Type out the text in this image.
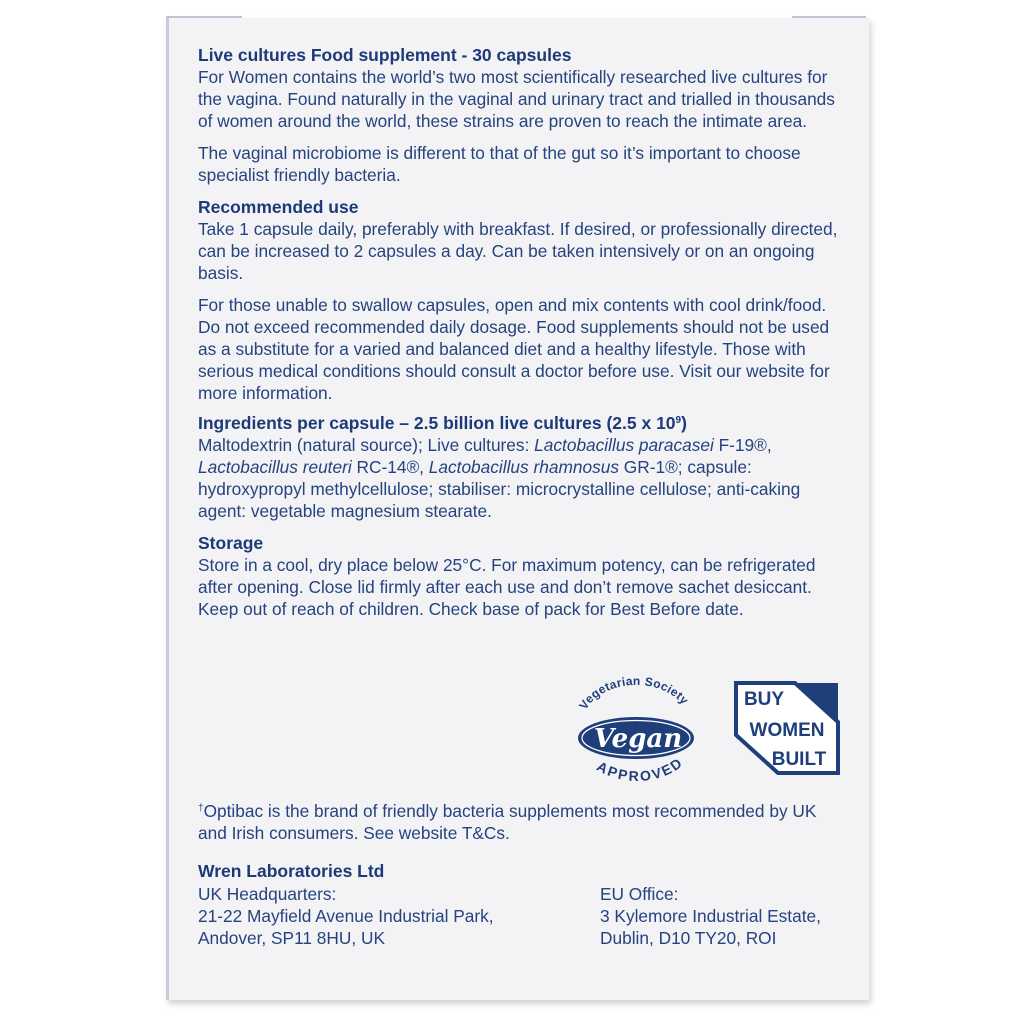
Live cultures Food supplement - 30 capsules

For Women contains the world’s two most scientifically researched live cultures for the vagina. Found naturally in the vaginal and urinary tract and trialled in thousands of women around the world, these strains are proven to reach the intimate area.

The vaginal microbiome is different to that of the gut so it’s important to choose specialist friendly bacteria.

Recommended use

Take 1 capsule daily, preferably with breakfast. If desired, or professionally directed, can be increased to 2 capsules a day. Can be taken intensively or on an ongoing basis.

For those unable to swallow capsules, open and mix contents with cool drink/food. Do not exceed recommended daily dosage. Food supplements should not be used as a substitute for a varied and balanced diet and a healthy lifestyle. Those with serious medical conditions should consult a doctor before use. Visit our website for more information.

Ingredients per capsule – 2.5 billion live cultures (2.5 x $10^9$)

Maltodextrin (natural source); Live cultures: Lactobacillus paracasei F-19®, Lactobacillus reuteri RC-14®, Lactobacillus rhamnosus GR-1®; capsule: hydroxypropyl methylcellulose; stabiliser: microcrystalline cellulose; anti-caking agent: vegetable magnesium stearate.

Storage

Store in a cool, dry place below 25°C. For maximum potency, can be refrigerated after opening. Close lid firmly after each use and don’t remove sachet desiccant. Keep out of reach of children. Check base of pack for Best Before date.

Vegetarian Society
Vegan
APPROVED
BUY
WOMEN
BUILT
†Optibac is the brand of friendly bacteria supplements most recommended by UK and Irish consumers. See website T&Cs.
Wren Laboratories Ltd
UK Headquarters:
21-22 Mayfield Avenue Industrial Park,
Andover, SP11 8HU, UK
EU Office:
3 Kylemore Industrial Estate,
Dublin, D10 TY20, ROI
